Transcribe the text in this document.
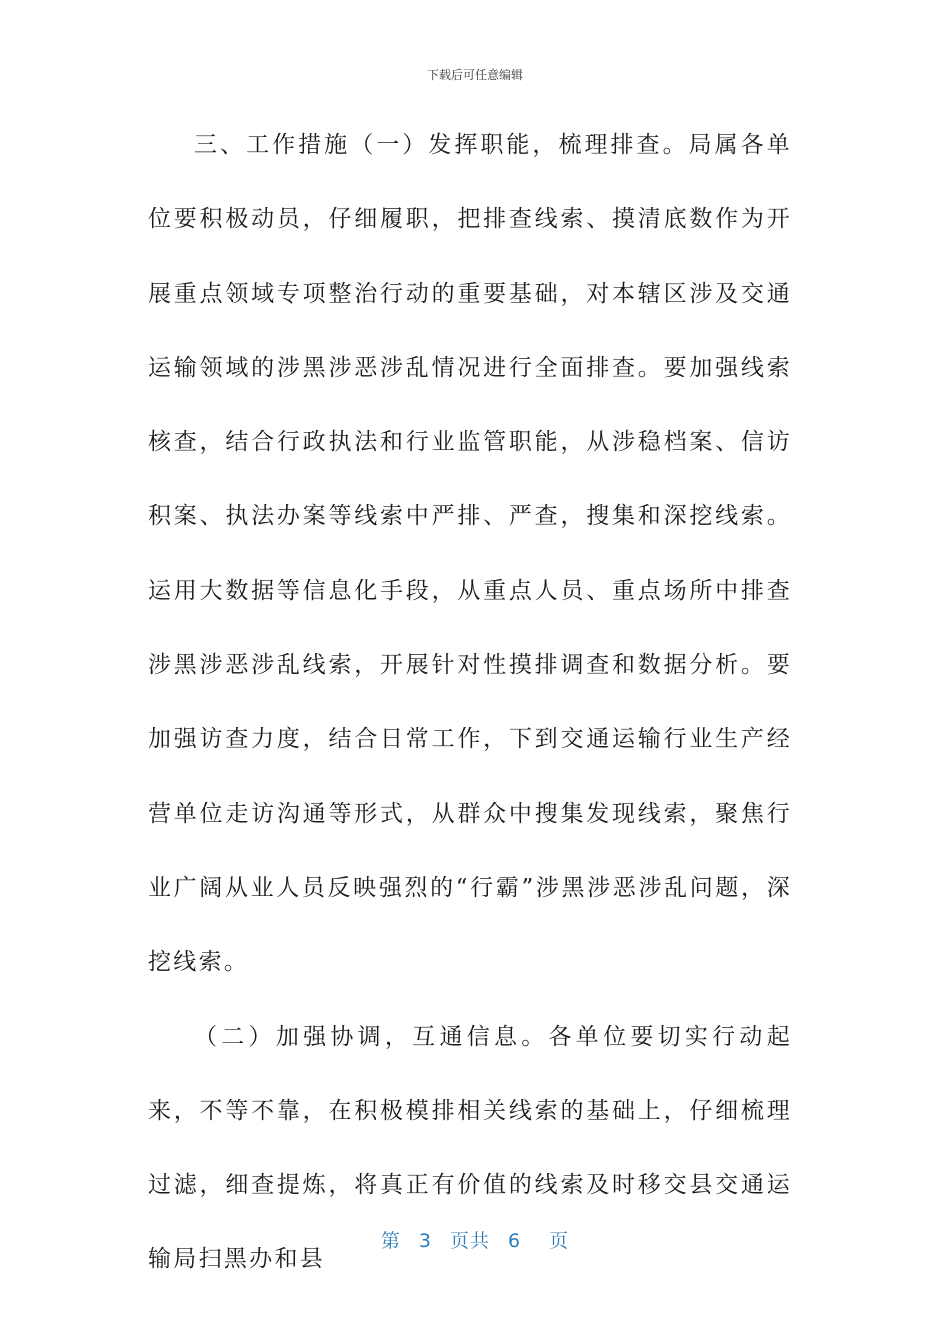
下载后可任意编辑

三、工作措施（一）发挥职能，梳理排查。局属各单位要积极动员，仔细履职，把排查线索、摸清底数作为开展重点领域专项整治行动的重要基础，对本辖区涉及交通运输领域的涉黑涉恶涉乱情况进行全面排查。要加强线索核查，结合行政执法和行业监管职能，从涉稳档案、信访积案、执法办案等线索中严排、严查，搜集和深挖线索。运用大数据等信息化手段，从重点人员、重点场所中排查涉黑涉恶涉乱线索，开展针对性摸排调查和数据分析。要加强访查力度，结合日常工作，下到交通运输行业生产经营单位走访沟通等形式，从群众中搜集发现线索，聚焦行业广阔从业人员反映强烈的“行霸”涉黑涉恶涉乱问题，深挖线索。

（二）加强协调，互通信息。各单位要切实行动起来，不等不靠，在积极模排相关线索的基础上，仔细梳理过滤，细查提炼，将真正有价值的线索及时移交县交通运输局扫黑办和县

第 3 页共 6 页
